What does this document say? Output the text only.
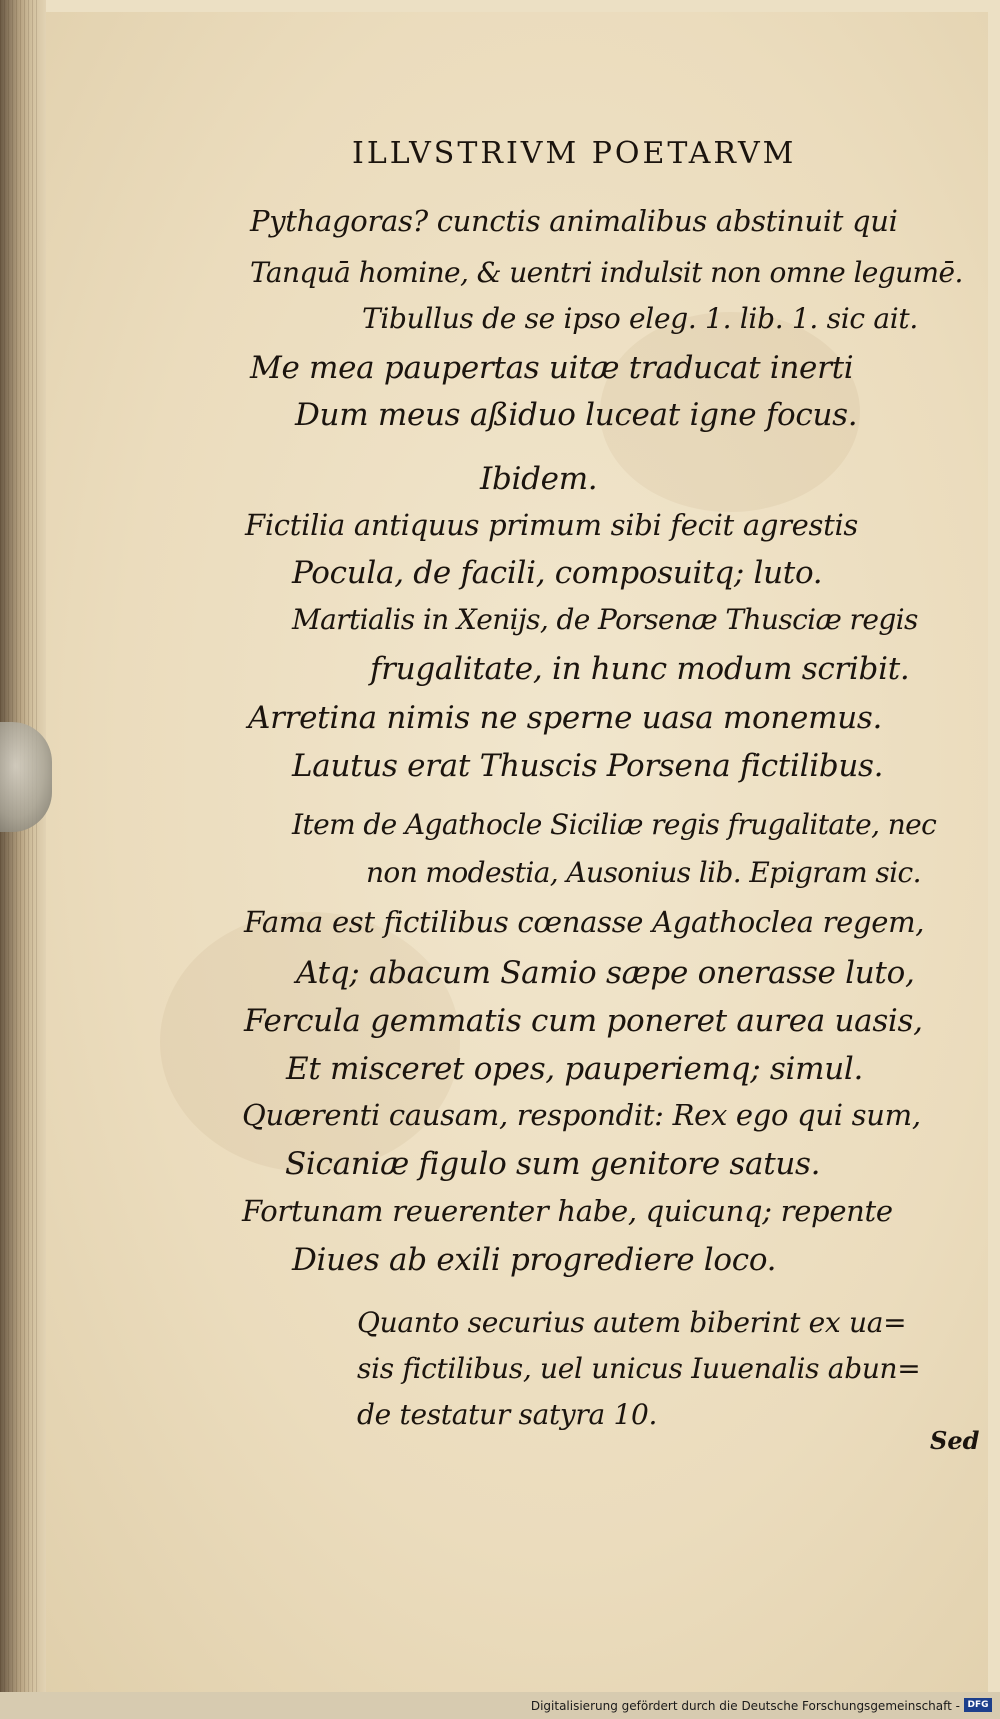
ILLVSTRIVM POETARVM
Pythagoras? cunctis animalibus abstinuit qui
Tanquā homine, & uentri indulsit non omne legumē.
Tibullus de se ipso eleg. 1. lib. 1. sic ait.
Me mea paupertas uitæ traducat inerti
Dum meus aßiduo luceat igne focus.
Ibidem.
Fictilia antiquus primum sibi fecit agrestis
Pocula, de facili, composuitq; luto.
Martialis in Xenijs, de Porsenæ Thusciæ regis
frugalitate, in hunc modum scribit.
Arretina nimis ne sperne uasa monemus.
Lautus erat Thuscis Porsena fictilibus.
Item de Agathocle Siciliæ regis frugalitate, nec
non modestia, Ausonius lib. Epigram sic.
Fama est fictilibus cœnasse Agathoclea regem,
Atq; abacum Samio sæpe onerasse luto,
Fercula gemmatis cum poneret aurea uasis,
Et misceret opes, pauperiemq; simul.
Quærenti causam, respondit: Rex ego qui sum,
Sicaniæ figulo sum genitore satus.
Fortunam reuerenter habe, quicunq; repente
Diues ab exili progrediere loco.
Quanto securius autem biberint ex ua=
sis fictilibus, uel unicus Iuuenalis abun=
de testatur satyra 10.
Sed
Digitalisierung gefördert durch die Deutsche Forschungsgemeinschaft - DFG
